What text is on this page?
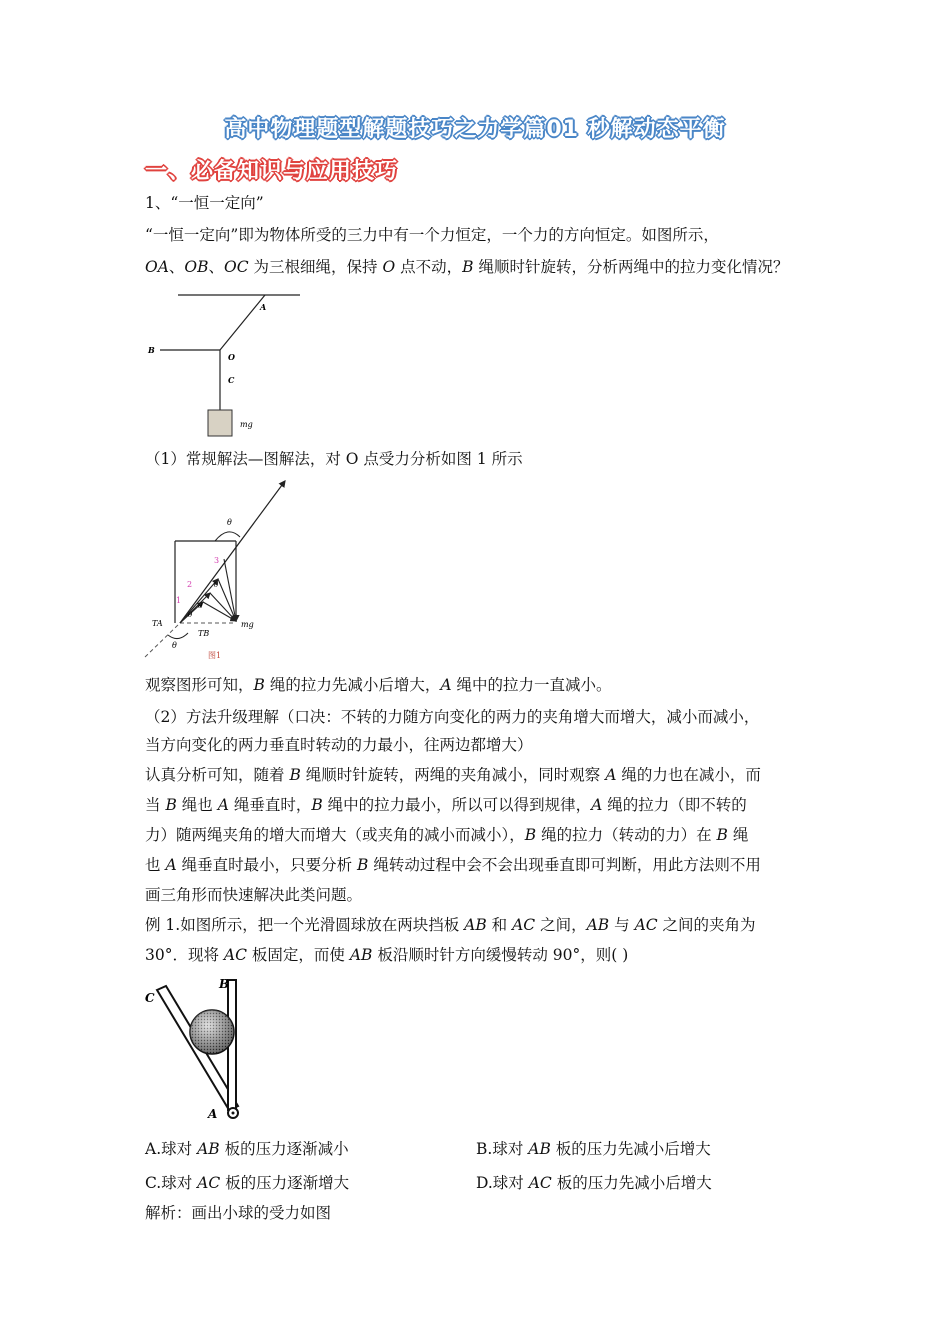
高中物理题型解题技巧之力学篇01 秒解动态平衡
一、必备知识与应用技巧
1、“一恒一定向”
“一恒一定向”即为物体所受的三力中有一个力恒定，一个力的方向恒定。如图所示，
OA、OB、OC 为三根细绳，保持 O 点不动，B 绳顺时针旋转，分析两绳中的拉力变化情况？
A
B
O
C
mg
（1）常规解法—图解法，对 O 点受力分析如图 1 所示
θ
θ
θ
θ
θ
1
2
3
TA
TB
mg
图1
观察图形可知，B 绳的拉力先减小后增大，A 绳中的拉力一直减小。
（2）方法升级理解（口决：不转的力随方向变化的两力的夹角增大而增大，减小而减小，
当方向变化的两力垂直时转动的力最小，往两边都增大）
认真分析可知，随着 B 绳顺时针旋转，两绳的夹角减小，同时观察 A 绳的力也在减小，而
当 B 绳也 A 绳垂直时，B 绳中的拉力最小，所以可以得到规律，A 绳的拉力（即不转的
力）随两绳夹角的增大而增大（或夹角的减小而减小），B 绳的拉力（转动的力）在 B 绳
也 A 绳垂直时最小，只要分析 B 绳转动过程中会不会出现垂直即可判断，用此方法则不用
画三角形而快速解决此类问题。
例 1.如图所示，把一个光滑圆球放在两块挡板 AB 和 AC 之间，AB 与 AC 之间的夹角为
30°．现将 AC 板固定，而使 AB 板沿顺时针方向缓慢转动 90°，则( )
C
B
A
A.球对 AB 板的压力逐渐减小	B.球对 AB 板的压力先减小后增大
C.球对 AC 板的压力逐渐增大	D.球对 AC 板的压力先减小后增大
解析：画出小球的受力如图
